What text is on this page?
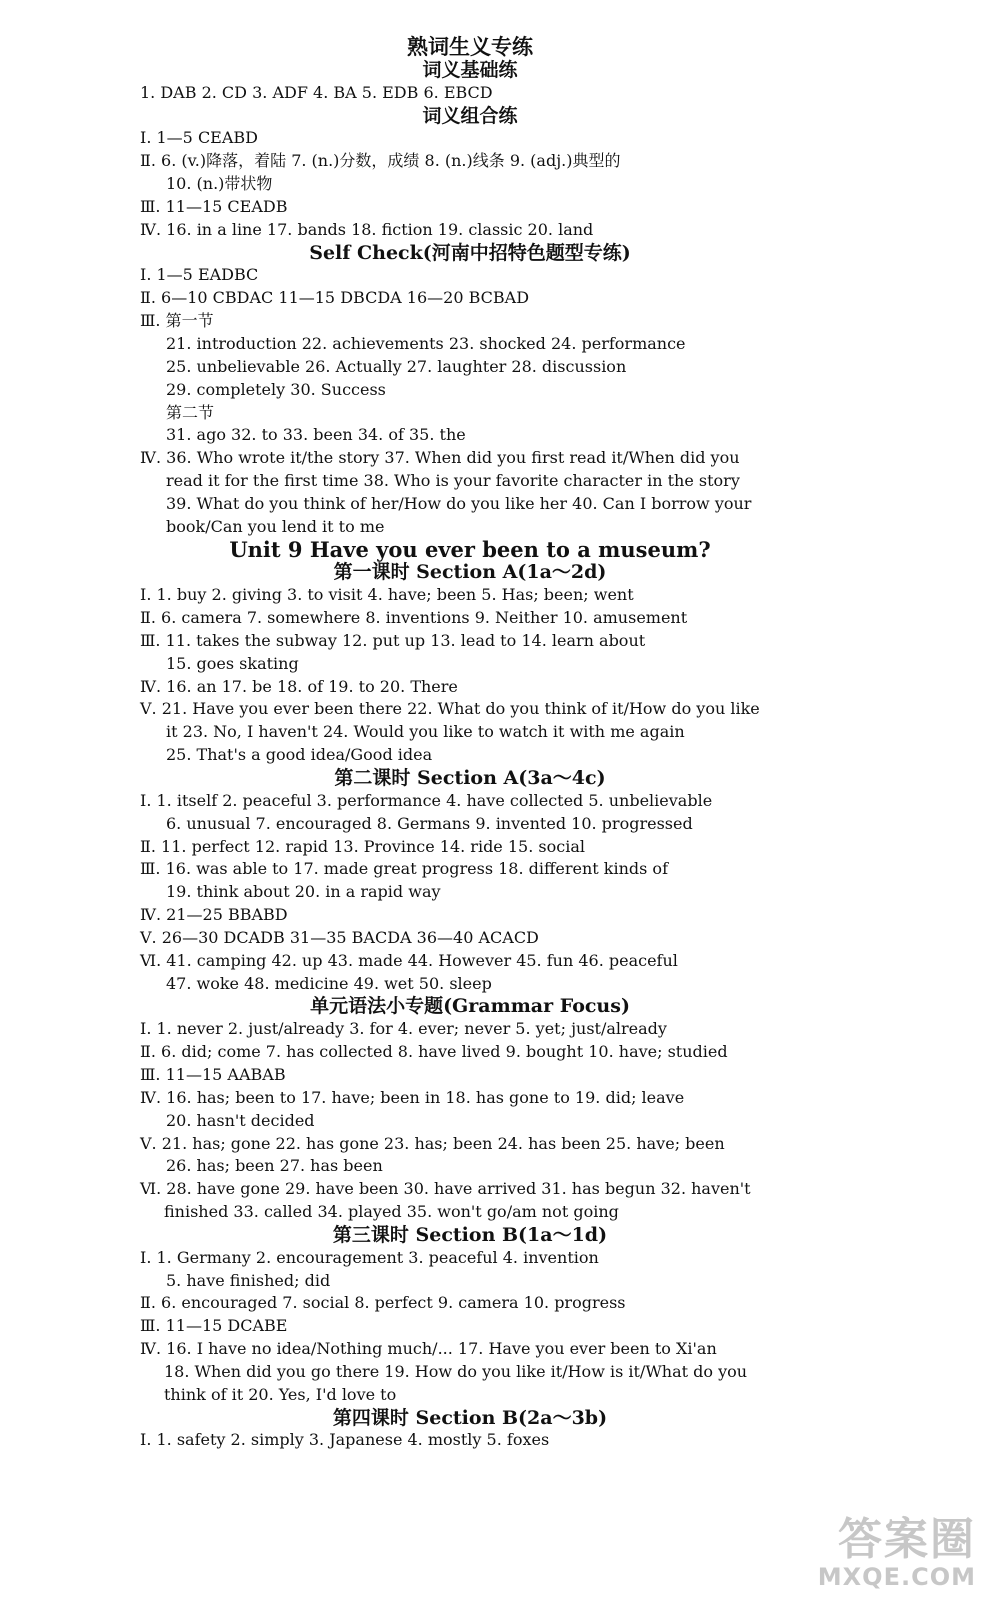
熟词生义专练
词义基础练
1. DAB 2. CD 3. ADF 4. BA 5. EDB 6. EBCD
词义组合练
Ⅰ. 1—5 CEABD
Ⅱ. 6. (v.)降落，着陆 7. (n.)分数，成绩 8. (n.)线条 9. (adj.)典型的
10. (n.)带状物
Ⅲ. 11—15 CEADB
Ⅳ. 16. in a line 17. bands 18. fiction 19. classic 20. land
Self Check(河南中招特色题型专练)
Ⅰ. 1—5 EADBC
Ⅱ. 6—10 CBDAC 11—15 DBCDA 16—20 BCBAD
Ⅲ. 第一节
21. introduction 22. achievements 23. shocked 24. performance
25. unbelievable 26. Actually 27. laughter 28. discussion
29. completely 30. Success
第二节
31. ago 32. to 33. been 34. of 35. the
Ⅳ. 36. Who wrote it/the story 37. When did you first read it/When did you
read it for the first time 38. Who is your favorite character in the story
39. What do you think of her/How do you like her 40. Can I borrow your
book/Can you lend it to me
Unit 9 Have you ever been to a museum?
第一课时 Section A(1a～2d)
Ⅰ. 1. buy 2. giving 3. to visit 4. have; been 5. Has; been; went
Ⅱ. 6. camera 7. somewhere 8. inventions 9. Neither 10. amusement
Ⅲ. 11. takes the subway 12. put up 13. lead to 14. learn about
15. goes skating
Ⅳ. 16. an 17. be 18. of 19. to 20. There
Ⅴ. 21. Have you ever been there 22. What do you think of it/How do you like
it 23. No, I haven't 24. Would you like to watch it with me again
25. That's a good idea/Good idea
第二课时 Section A(3a～4c)
Ⅰ. 1. itself 2. peaceful 3. performance 4. have collected 5. unbelievable
6. unusual 7. encouraged 8. Germans 9. invented 10. progressed
Ⅱ. 11. perfect 12. rapid 13. Province 14. ride 15. social
Ⅲ. 16. was able to 17. made great progress 18. different kinds of
19. think about 20. in a rapid way
Ⅳ. 21—25 BBABD
Ⅴ. 26—30 DCADB 31—35 BACDA 36—40 ACACD
Ⅵ. 41. camping 42. up 43. made 44. However 45. fun 46. peaceful
47. woke 48. medicine 49. wet 50. sleep
单元语法小专题(Grammar Focus)
Ⅰ. 1. never 2. just/already 3. for 4. ever; never 5. yet; just/already
Ⅱ. 6. did; come 7. has collected 8. have lived 9. bought 10. have; studied
Ⅲ. 11—15 AABAB
Ⅳ. 16. has; been to 17. have; been in 18. has gone to 19. did; leave
20. hasn't decided
Ⅴ. 21. has; gone 22. has gone 23. has; been 24. has been 25. have; been
26. has; been 27. has been
Ⅵ. 28. have gone 29. have been 30. have arrived 31. has begun 32. haven't
finished 33. called 34. played 35. won't go/am not going
第三课时 Section B(1a～1d)
Ⅰ. 1. Germany 2. encouragement 3. peaceful 4. invention
5. have finished; did
Ⅱ. 6. encouraged 7. social 8. perfect 9. camera 10. progress
Ⅲ. 11—15 DCABE
Ⅳ. 16. I have no idea/Nothing much/... 17. Have you ever been to Xi'an
18. When did you go there 19. How do you like it/How is it/What do you
think of it 20. Yes, I'd love to
第四课时 Section B(2a～3b)
Ⅰ. 1. safety 2. simply 3. Japanese 4. mostly 5. foxes
答案圈
MXQE.COM
